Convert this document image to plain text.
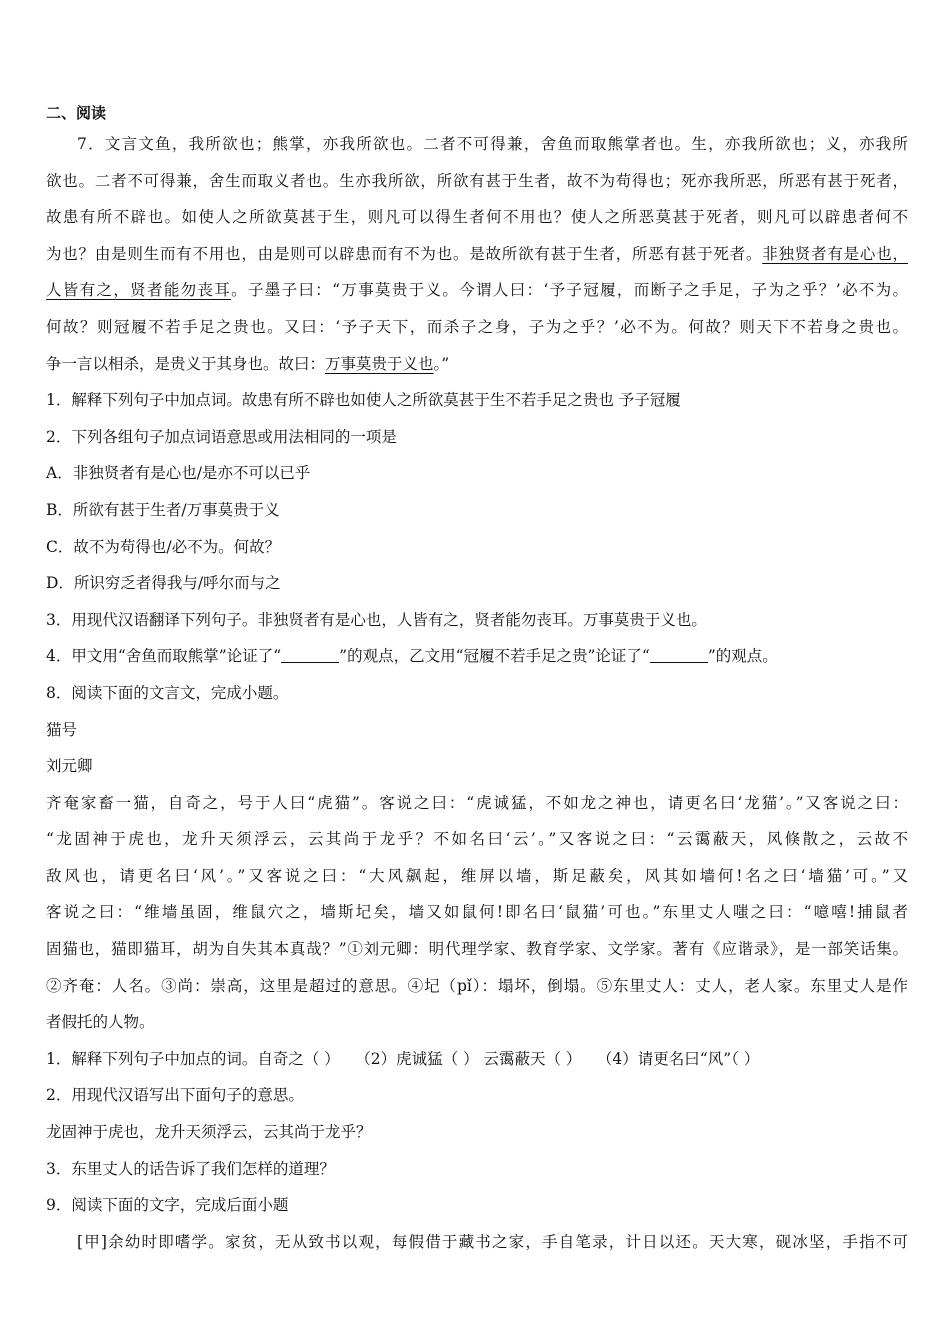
二、阅读
7．文言文鱼，我所欲也；熊掌，亦我所欲也。二者不可得兼，舍鱼而取熊掌者也。生，亦我所欲也；义，亦我所
欲也。二者不可得兼，舍生而取义者也。生亦我所欲，所欲有甚于生者，故不为苟得也；死亦我所恶，所恶有甚于死者，
故患有所不辟也。如使人之所欲莫甚于生，则凡可以得生者何不用也？使人之所恶莫甚于死者，则凡可以辟患者何不
为也？由是则生而有不用也，由是则可以辟患而有不为也。是故所欲有甚于生者，所恶有甚于死者。非独贤者有是心也，
人皆有之，贤者能勿丧耳。子墨子曰：“万事莫贵于义。今谓人曰：‘予子冠履，而断子之手足，子为之乎？’必不为。
何故？则冠履不若手足之贵也。又曰：‘予子天下，而杀子之身，子为之乎？’必不为。何故？则天下不若身之贵也。
争一言以相杀，是贵义于其身也。故曰：万事莫贵于义也。”
1．解释下列句子中加点词。故患有所不辟也如使人之所欲莫甚于生不若手足之贵也 予子冠履
2．下列各组句子加点词语意思或用法相同的一项是
A．非独贤者有是心也/是亦不可以已乎
B．所欲有甚于生者/万事莫贵于义
C．故不为苟得也/必不为。何故？
D．所识穷乏者得我与/呼尔而与之
3．用现代汉语翻译下列句子。非独贤者有是心也，人皆有之，贤者能勿丧耳。万事莫贵于义也。
4．甲文用“舍鱼而取熊掌”论证了“	”的观点，乙文用“冠履不若手足之贵”论证了“	”的观点。
8．阅读下面的文言文，完成小题。
猫号
刘元卿
齐奄家畜一猫，自奇之，号于人曰“虎猫”。客说之曰：“虎诚猛，不如龙之神也，请更名曰‘龙猫’。”又客说之曰：
“龙固神于虎也，龙升天须浮云，云其尚于龙乎？不如名曰‘云’。”又客说之曰：“云霭蔽天，风倏散之，云故不
敌风也，请更名曰‘风’。”又客说之曰：“大风飙起，维屏以墙，斯足蔽矣，风其如墙何!名之曰‘墙猫’可。”又
客说之曰：“维墙虽固，维鼠穴之，墙斯圮矣，墙又如鼠何!即名曰‘鼠猫’可也。”东里丈人嗤之曰：“噫嘻!捕鼠者
固猫也，猫即猫耳，胡为自失其本真哉？”①刘元卿：明代理学家、教育学家、文学家。著有《应谐录》，是一部笑话集。
②齐奄：人名。③尚：崇高，这里是超过的意思。④圮（pǐ）：塌坏，倒塌。⑤东里丈人：丈人，老人家。东里丈人是作
者假托的人物。
1．解释下列句子中加点的词。自奇之（ ）　　（2）虎诚猛（ ） 云霭蔽天（ ）　　（4）请更名曰“风”（ ）
2．用现代汉语写出下面句子的意思。
龙固神于虎也，龙升天须浮云，云其尚于龙乎？
3．东里丈人的话告诉了我们怎样的道理？
9．阅读下面的文字，完成后面小题
[甲]余幼时即嗜学。家贫，无从致书以观，每假借于藏书之家，手自笔录，计日以还。天大寒，砚冰坚，手指不可
